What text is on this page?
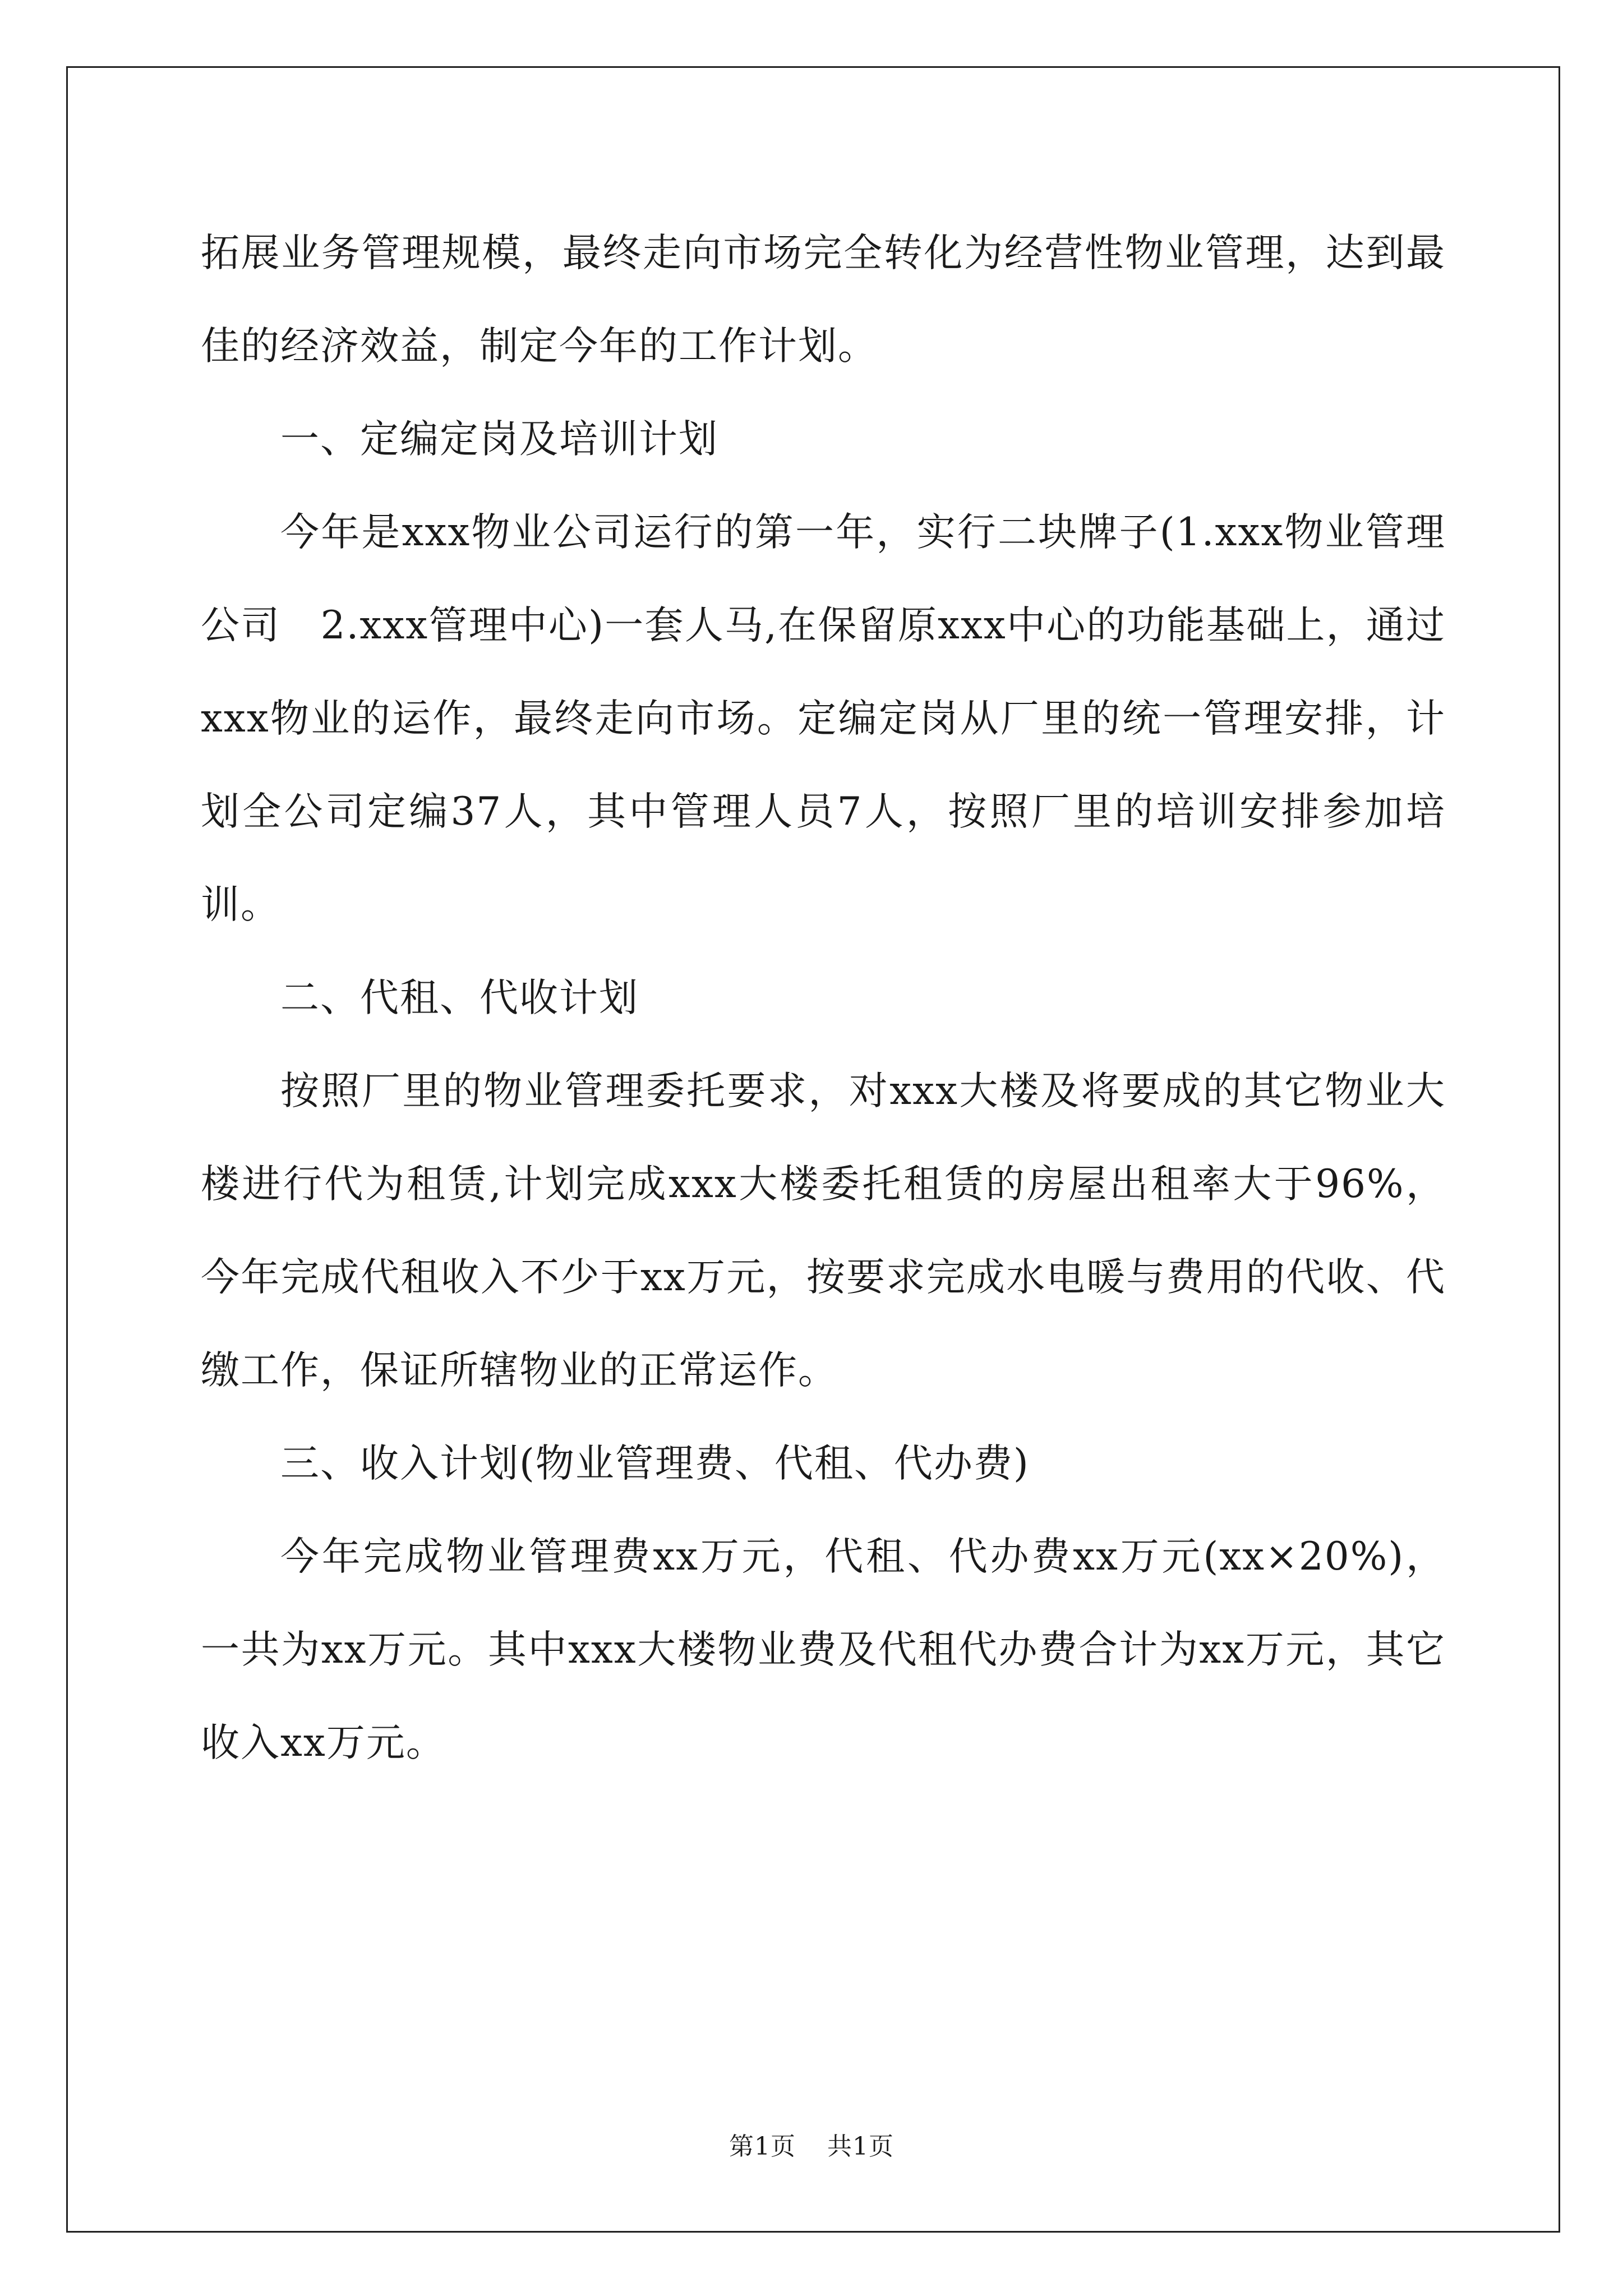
拓展业务管理规模，最终走向市场完全转化为经营性物业管理，达到最佳的经济效益，制定今年的工作计划。

一、定编定岗及培训计划

今年是xxx物业公司运行的第一年，实行二块牌子(1.xxx物业管理公司　2.xxx管理中心)一套人马,在保留原xxx中心的功能基础上，通过xxx物业的运作，最终走向市场。定编定岗从厂里的统一管理安排，计划全公司定编37人，其中管理人员7人，按照厂里的培训安排参加培训。

二、代租、代收计划

按照厂里的物业管理委托要求，对xxx大楼及将要成的其它物业大楼进行代为租赁,计划完成xxx大楼委托租赁的房屋出租率大于96%，今年完成代租收入不少于xx万元，按要求完成水电暖与费用的代收、代缴工作，保证所辖物业的正常运作。

三、收入计划(物业管理费、代租、代办费)

今年完成物业管理费xx万元，代租、代办费xx万元(xx×20%)，一共为xx万元。其中xxx大楼物业费及代租代办费合计为xx万元，其它收入xx万元。

第1页 共1页
